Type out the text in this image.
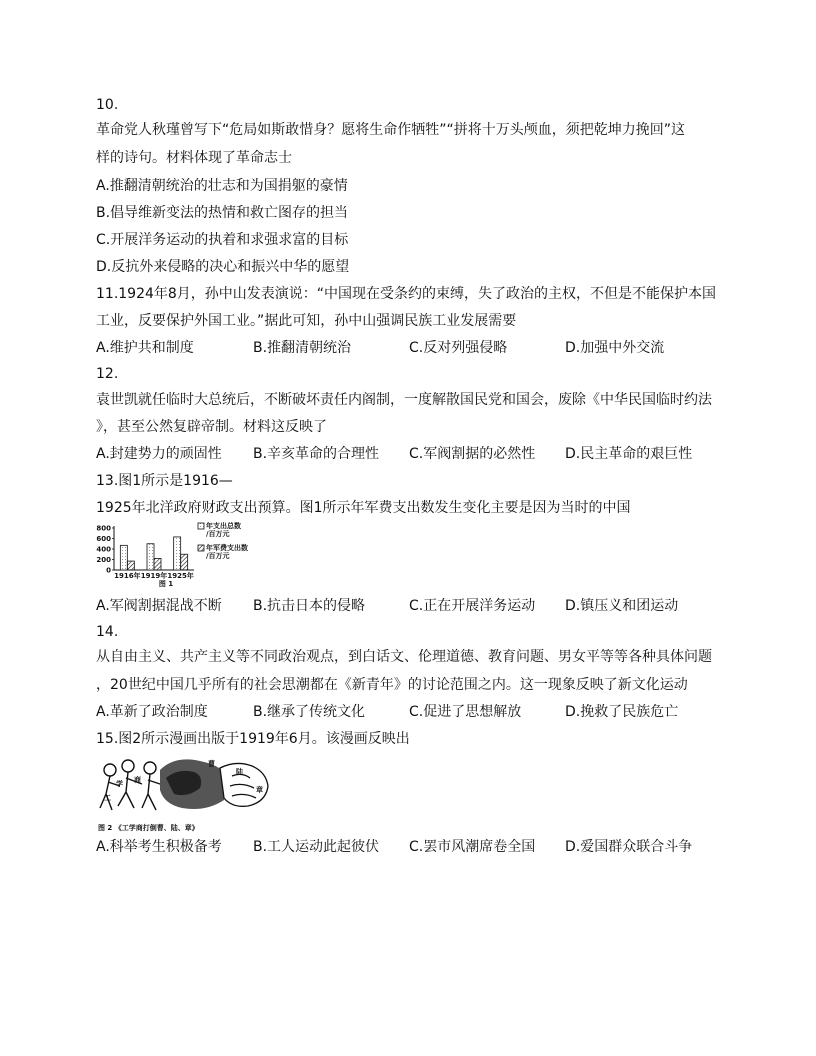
10.
革命党人秋瑾曾写下“危局如斯敢惜身？愿将生命作牺牲”“拼将十万头颅血，须把乾坤力挽回”这
样的诗句。材料体现了革命志士
A.推翻清朝统治的壮志和为国捐躯的豪情
B.倡导维新变法的热情和救亡图存的担当
C.开展洋务运动的执着和求强求富的目标
D.反抗外来侵略的决心和振兴中华的愿望
11.1924年8月，孙中山发表演说：“中国现在受条约的束缚，失了政治的主权，不但是不能保护本国
工业，反要保护外国工业。”据此可知，孙中山强调民族工业发展需要
A.维护共和制度	B.推翻清朝统治	C.反对列强侵略	D.加强中外交流
12.
袁世凯就任临时大总统后，不断破坏责任内阁制，一度解散国民党和国会，废除《中华民国临时约法
》，甚至公然复辟帝制。材料这反映了
A.封建势力的顽固性 B.辛亥革命的合理性 C.军阀割据的必然性 D.民主革命的艰巨性
13.图1所示是1916—
1925年北洋政府财政支出预算。图1所示年军费支出数发生变化主要是因为当时的中国
800
600
400
200
0
1916年 1919年 1925年
年支出总数
/百万元
年军费支出数
/百万元
图 1
A.军阀割据混战不断 B.抗击日本的侵略	C.正在开展洋务运动 D.镇压义和团运动
14.
从自由主义、共产主义等不同政治观点，到白话文、伦理道德、教育问题、男女平等等各种具体问题
，20世纪中国几乎所有的社会思潮都在《新青年》的讨论范围之内。这一现象反映了新文化运动
A.革新了政治制度	B.继承了传统文化	C.促进了思想解放	D.挽救了民族危亡
15.图2所示漫画出版于1919年6月。该漫画反映出
学 商
工
曹
陆
章
图 2 《工学商打倒曹、陆、章》
A.科举考生积极备考 B.工人运动此起彼伏 C.罢市风潮席卷全国 D.爱国群众联合斗争
